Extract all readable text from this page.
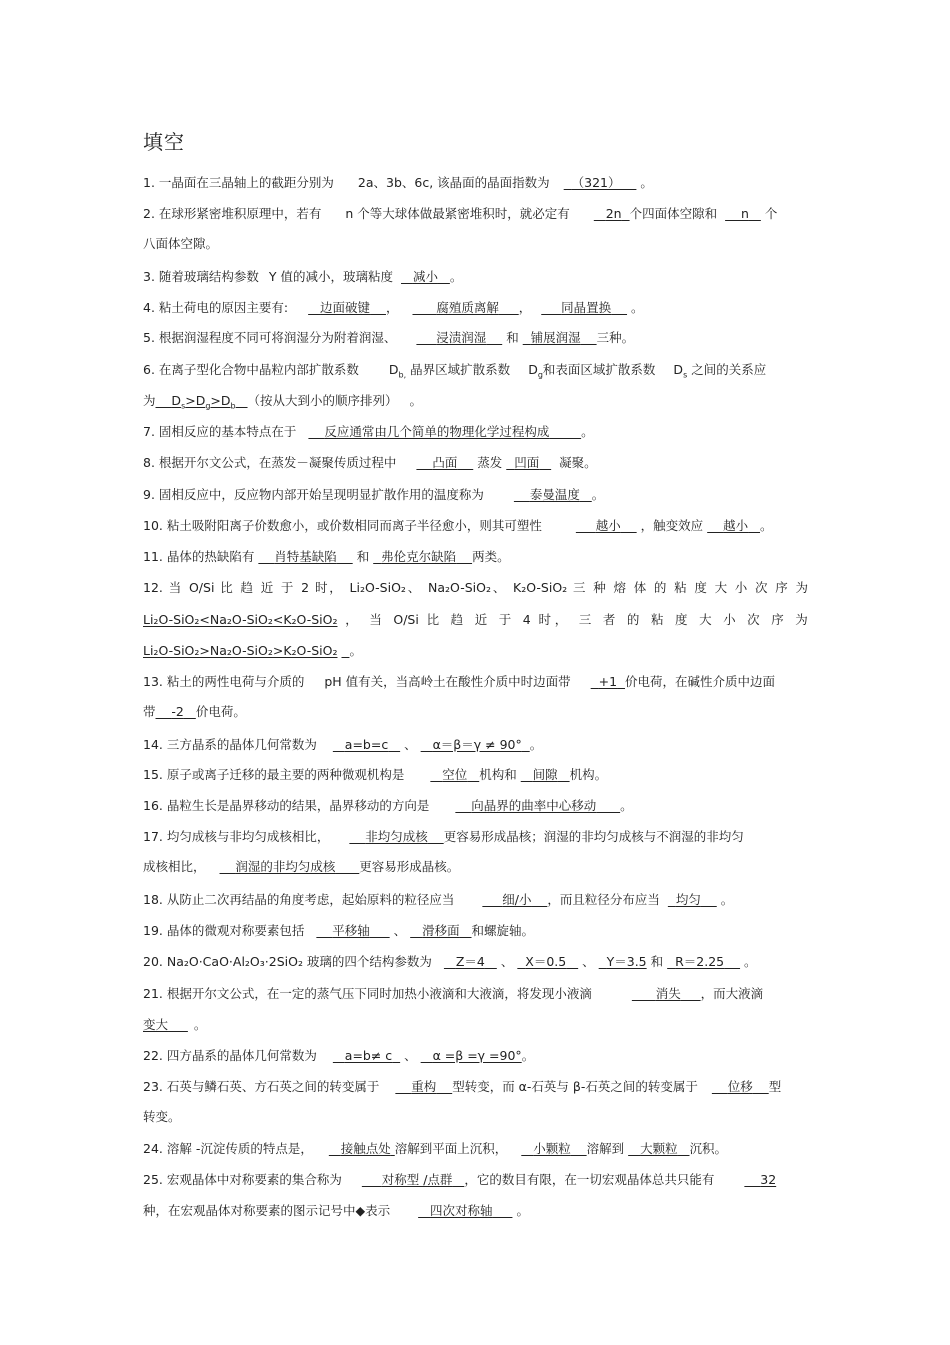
填空
1. 一晶面在三晶轴上的截距分别为 2a、3b、6c, 该晶面的晶面指数为 （321） 。
2. 在球形紧密堆积原理中，若有 n 个等大球体做最紧密堆积时，就必定有	2n 个四面体空隙和 n 个
八面体空隙。
3. 随着玻璃结构参数 Y 值的减小，玻璃粘度 减小 。
4. 粘土荷电的原因主要有:	边面破键 ，	腐殖质离解 ， 同晶置换 。
5. 根据润湿程度不同可将润湿分为附着润湿、	浸渍润湿 和 铺展润湿 三种。
6. 在离子型化合物中晶粒内部扩散系数 $D_{b,}$ 晶界区域扩散系数 $D_g$和表面区域扩散系数 $D_s$ 之间的关系应
为 $D_s>D_g>D_b$ （按从大到小的顺序排列） 。
7. 固相反应的基本特点在于 反应通常由几个简单的物理化学过程构成	。
8. 根据开尔文公式，在蒸发－凝聚传质过程中	凸面 蒸发 凹面 凝聚。
9. 固相反应中，反应物内部开始呈现明显扩散作用的温度称为	泰曼温度 。
10. 粘土吸附阳离子价数愈小，或价数相同而离子半径愈小，则其可塑性	越小 ，触变效应 越小 。
11. 晶体的热缺陷有 肖特基缺陷 和 弗伦克尔缺陷 两类。
12. 当 O/Si 比 趋 近 于 2 时， Li₂O-SiO₂、 Na₂O-SiO₂、 K₂O-SiO₂ 三 种 熔 体 的 粘 度 大 小 次 序 为
Li₂O-SiO₂<Na₂O-SiO₂<K₂O-SiO₂ ， 当 O/Si 比 趋 近 于 4 时， 三 者 的 粘 度 大 小 次 序 为
Li₂O-SiO₂>Na₂O-SiO₂>K₂O-SiO₂ 。
13. 粘土的两性电荷与介质的 pH 值有关，当高岭土在酸性介质中时边面带 +1 价电荷，在碱性介质中边面
带 -2 价电荷。
14. 三方晶系的晶体几何常数为 a=b=c 、 α＝β＝γ ≠ 90° 。
15. 原子或离子迁移的最主要的两种微观机构是	空位 机构和 间隙 机构。
16. 晶粒生长是晶界移动的结果，晶界移动的方向是	向晶界的曲率中心移动 。
17. 均匀成核与非均匀成核相比，	非均匀成核 更容易形成晶核；润湿的非均匀成核与不润湿的非均匀
成核相比， 润湿的非均匀成核 更容易形成晶核。
18. 从防止二次再结晶的角度考虑，起始原料的粒径应当	细/小 ，而且粒径分布应当 均匀 。
19. 晶体的微观对称要素包括 平移轴 、 滑移面 和螺旋轴。
20. Na₂O·CaO·Al₂O₃·2SiO₂ 玻璃的四个结构参数为 Z＝4 、 X＝0.5 、 Y＝3.5 和 R＝2.25 。
21. 根据开尔文公式，在一定的蒸气压下同时加热小液滴和大液滴，将发现小液滴	消失 ，而大液滴
变大 。
22. 四方晶系的晶体几何常数为 a=b≠ c 、 α =β =γ =90°。
23. 石英与鳞石英、方石英之间的转变属于	重构 型转变，而 α-石英与 β-石英之间的转变属于 位移 型
转变。
24. 溶解 -沉淀传质的特点是， 接触点处 溶解到平面上沉积， 小颗粒 溶解到 大颗粒 沉积。
25. 宏观晶体中对称要素的集合称为	对称型 /点群 ，它的数目有限，在一切宏观晶体总共只能有	32
种，在宏观晶体对称要素的图示记号中◆表示	四次对称轴 。
